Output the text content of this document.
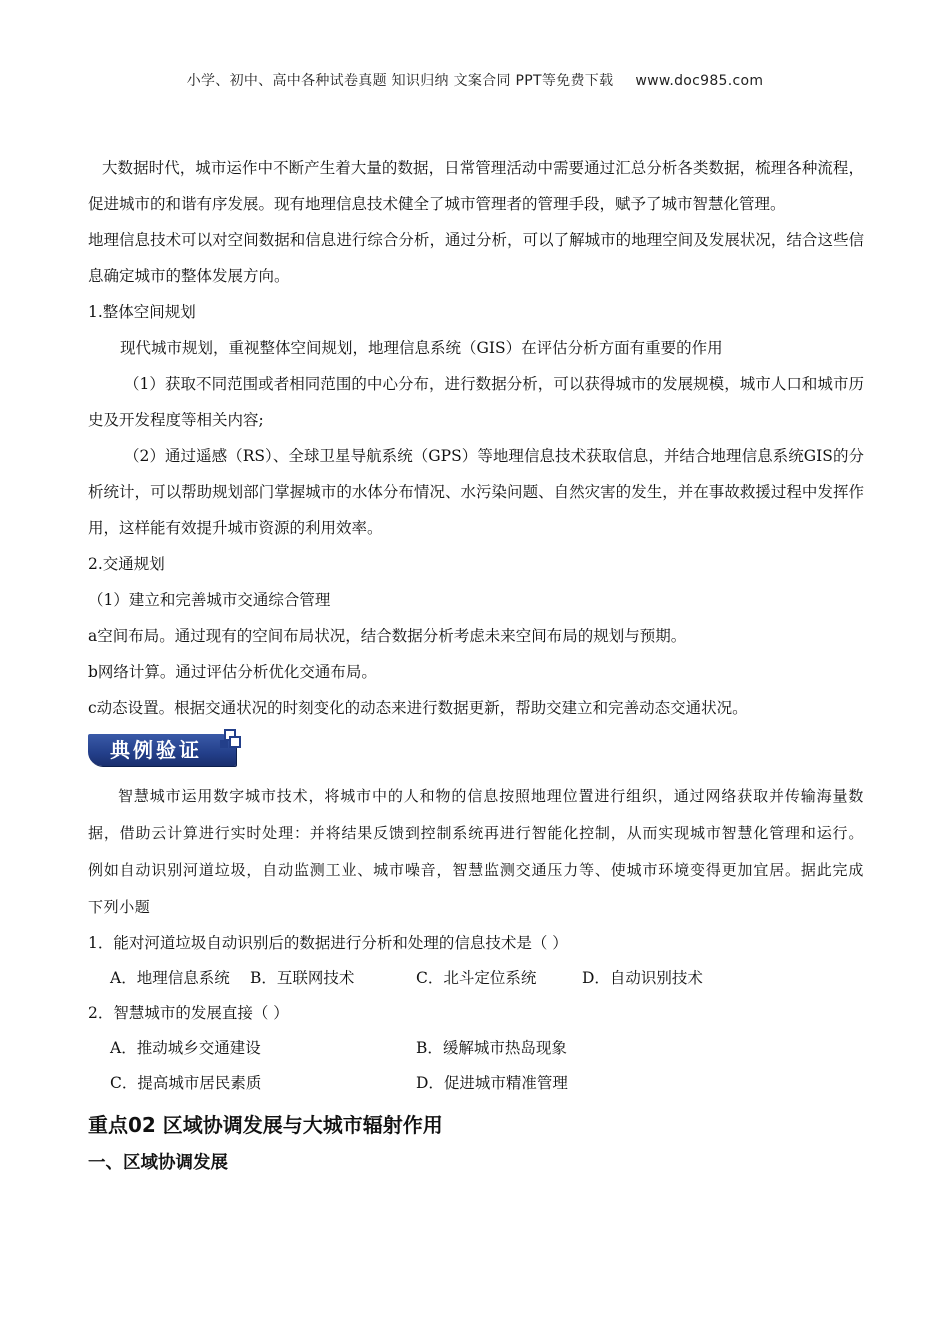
小学、初中、高中各种试卷真题 知识归纳 文案合同 PPT等免费下载 www.doc985.com

大数据时代，城市运作中不断产生着大量的数据，日常管理活动中需要通过汇总分析各类数据，梳理各种流程，促进城市的和谐有序发展。现有地理信息技术健全了城市管理者的管理手段，赋予了城市智慧化管理。

地理信息技术可以对空间数据和信息进行综合分析，通过分析，可以了解城市的地理空间及发展状况，结合这些信息确定城市的整体发展方向。

1.整体空间规划

现代城市规划，重视整体空间规划，地理信息系统（GIS）在评估分析方面有重要的作用

（1）获取不同范围或者相同范围的中心分布，进行数据分析，可以获得城市的发展规模，城市人口和城市历史及开发程度等相关内容;

（2）通过遥感（RS）、全球卫星导航系统（GPS）等地理信息技术获取信息，并结合地理信息系统GIS的分析统计，可以帮助规划部门掌握城市的水体分布情况、水污染问题、自然灾害的发生，并在事故救援过程中发挥作用，这样能有效提升城市资源的利用效率。

2.交通规划

（1）建立和完善城市交通综合管理

a空间布局。通过现有的空间布局状况，结合数据分析考虑未来空间布局的规划与预期。

b网络计算。通过评估分析优化交通布局。

c动态设置。根据交通状况的时刻变化的动态来进行数据更新，帮助交建立和完善动态交通状况。

典例验证

智慧城市运用数字城市技术，将城市中的人和物的信息按照地理位置进行组织，通过网络获取并传输海量数据，借助云计算进行实时处理：并将结果反馈到控制系统再进行智能化控制，从而实现城市智慧化管理和运行。例如自动识别河道垃圾，自动监测工业、城市噪音，智慧监测交通压力等、使城市环境变得更加宜居。据此完成下列小题

1．能对河道垃圾自动识别后的数据进行分析和处理的信息技术是（ ）

A．地理信息系统 B．互联网技术	C．北斗定位系统	D．自动识别技术

2．智慧城市的发展直接（ ）

A．推动城乡交通建设	B．缓解城市热岛现象
C．提高城市居民素质	D．促进城市精准管理
重点02 区域协调发展与大城市辐射作用
一、区域协调发展
